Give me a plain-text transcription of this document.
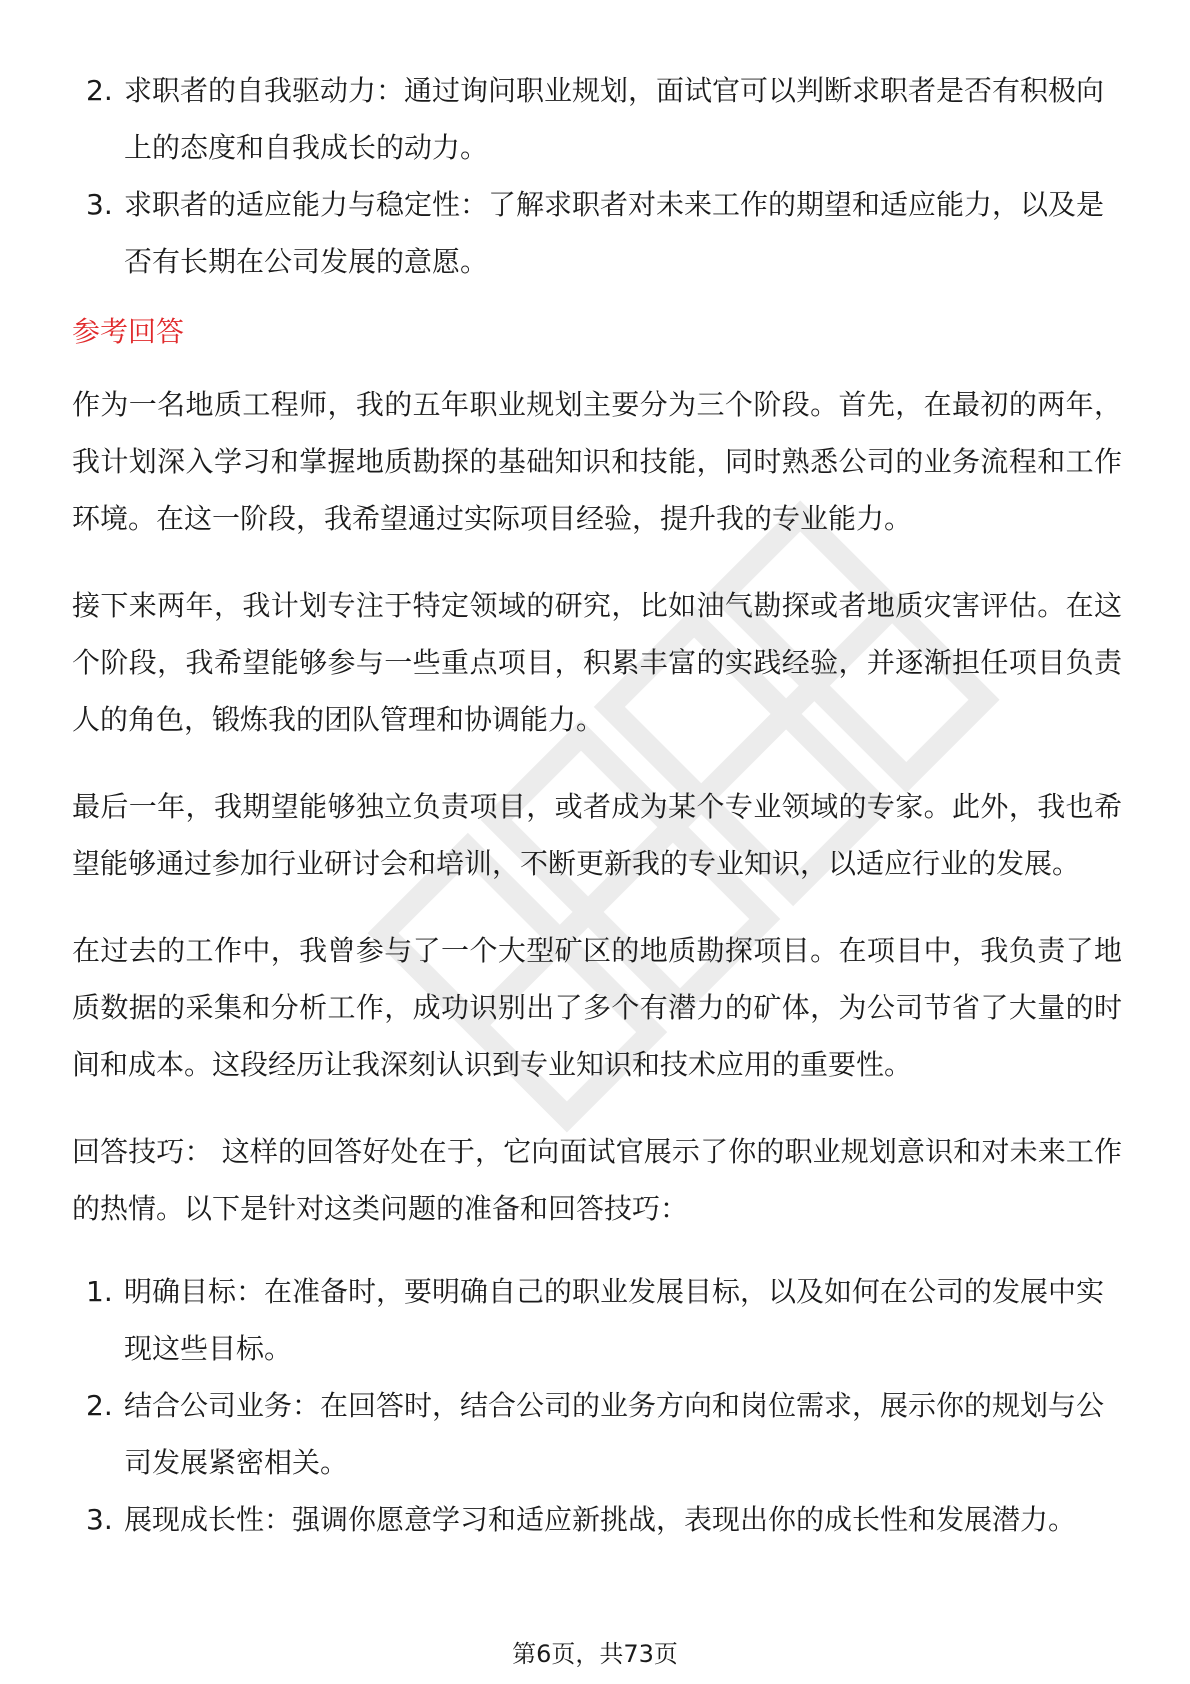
2. 求职者的自我驱动力：通过询问职业规划，面试官可以判断求职者是否有积极向上的态度和自我成长的动力。
3. 求职者的适应能力与稳定性：了解求职者对未来工作的期望和适应能力，以及是否有长期在公司发展的意愿。
参考回答

作为一名地质工程师，我的五年职业规划主要分为三个阶段。首先，在最初的两年，我计划深入学习和掌握地质勘探的基础知识和技能，同时熟悉公司的业务流程和工作环境。在这一阶段，我希望通过实际项目经验，提升我的专业能力。

接下来两年，我计划专注于特定领域的研究，比如油气勘探或者地质灾害评估。在这个阶段，我希望能够参与一些重点项目，积累丰富的实践经验，并逐渐担任项目负责人的角色，锻炼我的团队管理和协调能力。

最后一年，我期望能够独立负责项目，或者成为某个专业领域的专家。此外，我也希望能够通过参加行业研讨会和培训，不断更新我的专业知识，以适应行业的发展。

在过去的工作中，我曾参与了一个大型矿区的地质勘探项目。在项目中，我负责了地质数据的采集和分析工作，成功识别出了多个有潜力的矿体，为公司节省了大量的时间和成本。这段经历让我深刻认识到专业知识和技术应用的重要性。

回答技巧： 这样的回答好处在于，它向面试官展示了你的职业规划意识和对未来工作的热情。以下是针对这类问题的准备和回答技巧：

1. 明确目标：在准备时，要明确自己的职业发展目标，以及如何在公司的发展中实现这些目标。
2. 结合公司业务：在回答时，结合公司的业务方向和岗位需求，展示你的规划与公司发展紧密相关。
3. 展现成长性：强调你愿意学习和适应新挑战，表现出你的成长性和发展潜力。
第6页，共73页
